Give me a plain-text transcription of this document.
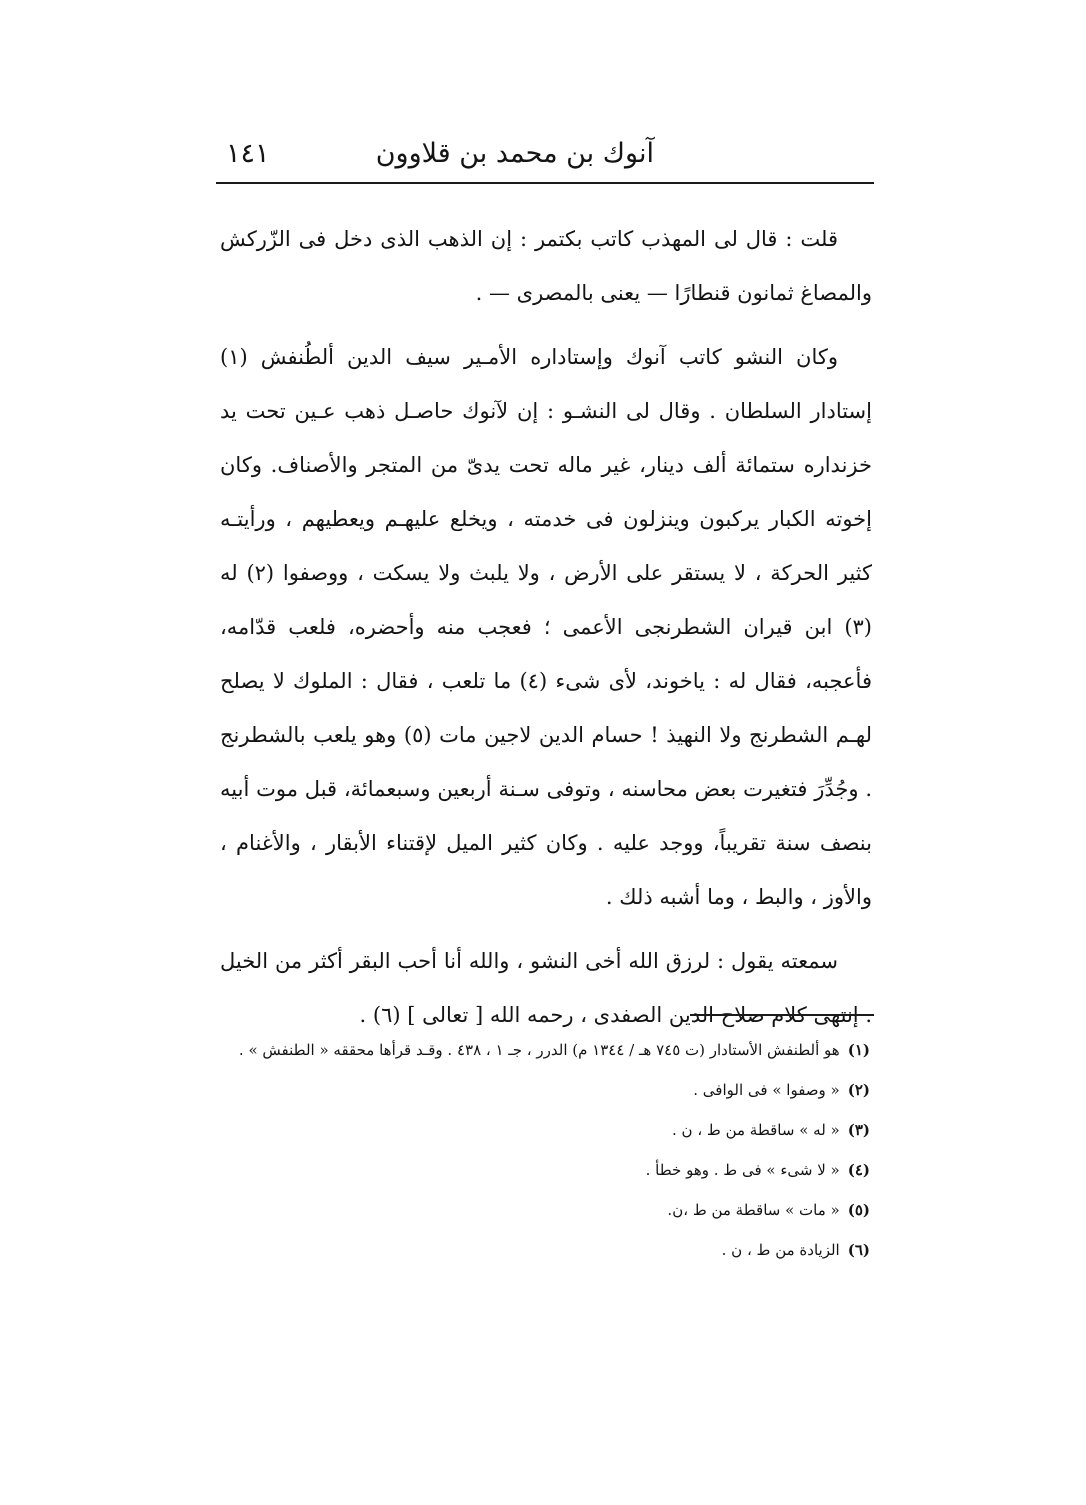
آنوك بن محمد بن قلاوون
١٤١

قلت : قال لى المهذب كاتب بكتمر : إن الذهب الذى دخل فى الزّركش والمصاغ ثمانون قنطارًا — يعنى بالمصرى — .

وكان النشو كاتب آنوك وإستاداره الأمـير سيف الدين ألطُنفش (١) إستادار السلطان . وقال لى النشـو : إن لآنوك حاصـل ذهب عـين تحت يد خزنداره ستمائة ألف دينار، غير ماله تحت يدىّ من المتجر والأصناف. وكان إخوته الكبار يركبون وينزلون فى خدمته ، ويخلع عليهـم ويعطيهم ، ورأيتـه كثير الحركة ، لا يستقر على الأرض ، ولا يلبث ولا يسكت ، ووصفوا (٢) له (٣) ابن قيران الشطرنجى الأعمى ؛ فعجب منه وأحضره، فلعب قدّامه، فأعجبه، فقال له : ياخوند، لأى شىء (٤) ما تلعب ، فقال : الملوك لا يصلح لهـم الشطرنج ولا النهيذ ! حسام الدين لاجين مات (٥) وهو يلعب بالشطرنج . وجُدِّرَ فتغيرت بعض محاسنه ، وتوفى سـنة أربعين وسبعمائة، قبل موت أبيه بنصف سنة تقريباً، ووجد عليه . وكان كثير الميل لإقتناء الأبقار ، والأغنام ، والأوز ، والبط ، وما أشبه ذلك .

سمعته يقول : لرزق الله أخى النشو ، والله أنا أحب البقر أكثر من الخيل . إنتهى كلام صلاح الدين الصفدى ، رحمه الله [ تعالى ] (٦) .

(١)هو ألطنفش الأستادار (ت ٧٤٥ هـ / ١٣٤٤ م) الدرر ، جـ ١ ، ٤٣٨ . وقـد قرأها محققه « الطنفش » .

(٢)« وصفوا » فى الوافى .

(٣)« له » ساقطة من ط ، ن .

(٤)« لا شىء » فى ط . وهو خطأ .

(٥)« مات » ساقطة من ط ،ن.

(٦)الزيادة من ط ، ن .
